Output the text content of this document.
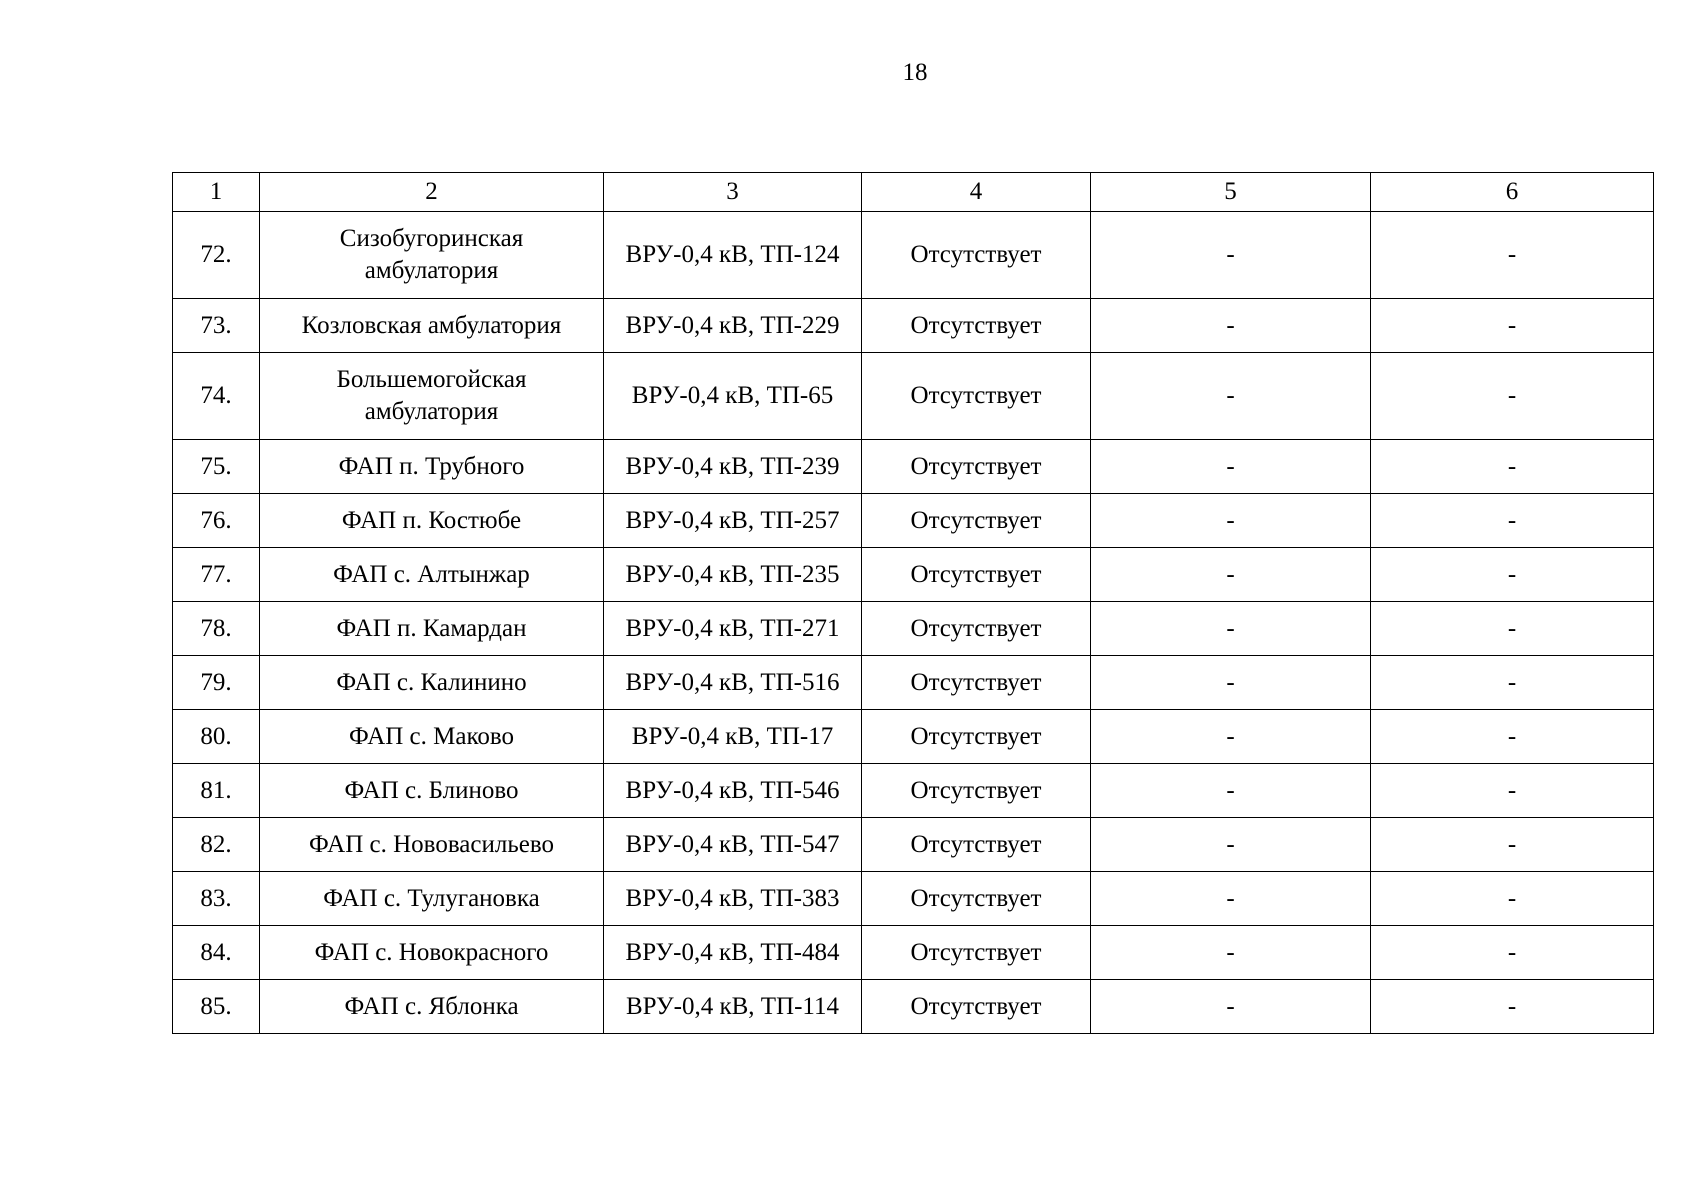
18
1	2	3	4	5	6
72.	Сизобугоринская амбулатория	ВРУ-0,4 кВ, ТП-124	Отсутствует	-	-
73.	Козловская амбулатория	ВРУ-0,4 кВ, ТП-229	Отсутствует	-	-
74.	Большемогойская амбулатория	ВРУ-0,4 кВ, ТП-65	Отсутствует	-	-
75.	ФАП п. Трубного	ВРУ-0,4 кВ, ТП-239	Отсутствует	-	-
76.	ФАП п. Костюбе	ВРУ-0,4 кВ, ТП-257	Отсутствует	-	-
77.	ФАП с. Алтынжар	ВРУ-0,4 кВ, ТП-235	Отсутствует	-	-
78.	ФАП п. Камардан	ВРУ-0,4 кВ, ТП-271	Отсутствует	-	-
79.	ФАП с. Калинино	ВРУ-0,4 кВ, ТП-516	Отсутствует	-	-
80.	ФАП с. Маково	ВРУ-0,4 кВ, ТП-17	Отсутствует	-	-
81.	ФАП с. Блиново	ВРУ-0,4 кВ, ТП-546	Отсутствует	-	-
82.	ФАП с. Нововасильево	ВРУ-0,4 кВ, ТП-547	Отсутствует	-	-
83.	ФАП с. Тулугановка	ВРУ-0,4 кВ, ТП-383	Отсутствует	-	-
84.	ФАП с. Новокрасного	ВРУ-0,4 кВ, ТП-484	Отсутствует	-	-
85.	ФАП с. Яблонка	ВРУ-0,4 кВ, ТП-114	Отсутствует	-	-
